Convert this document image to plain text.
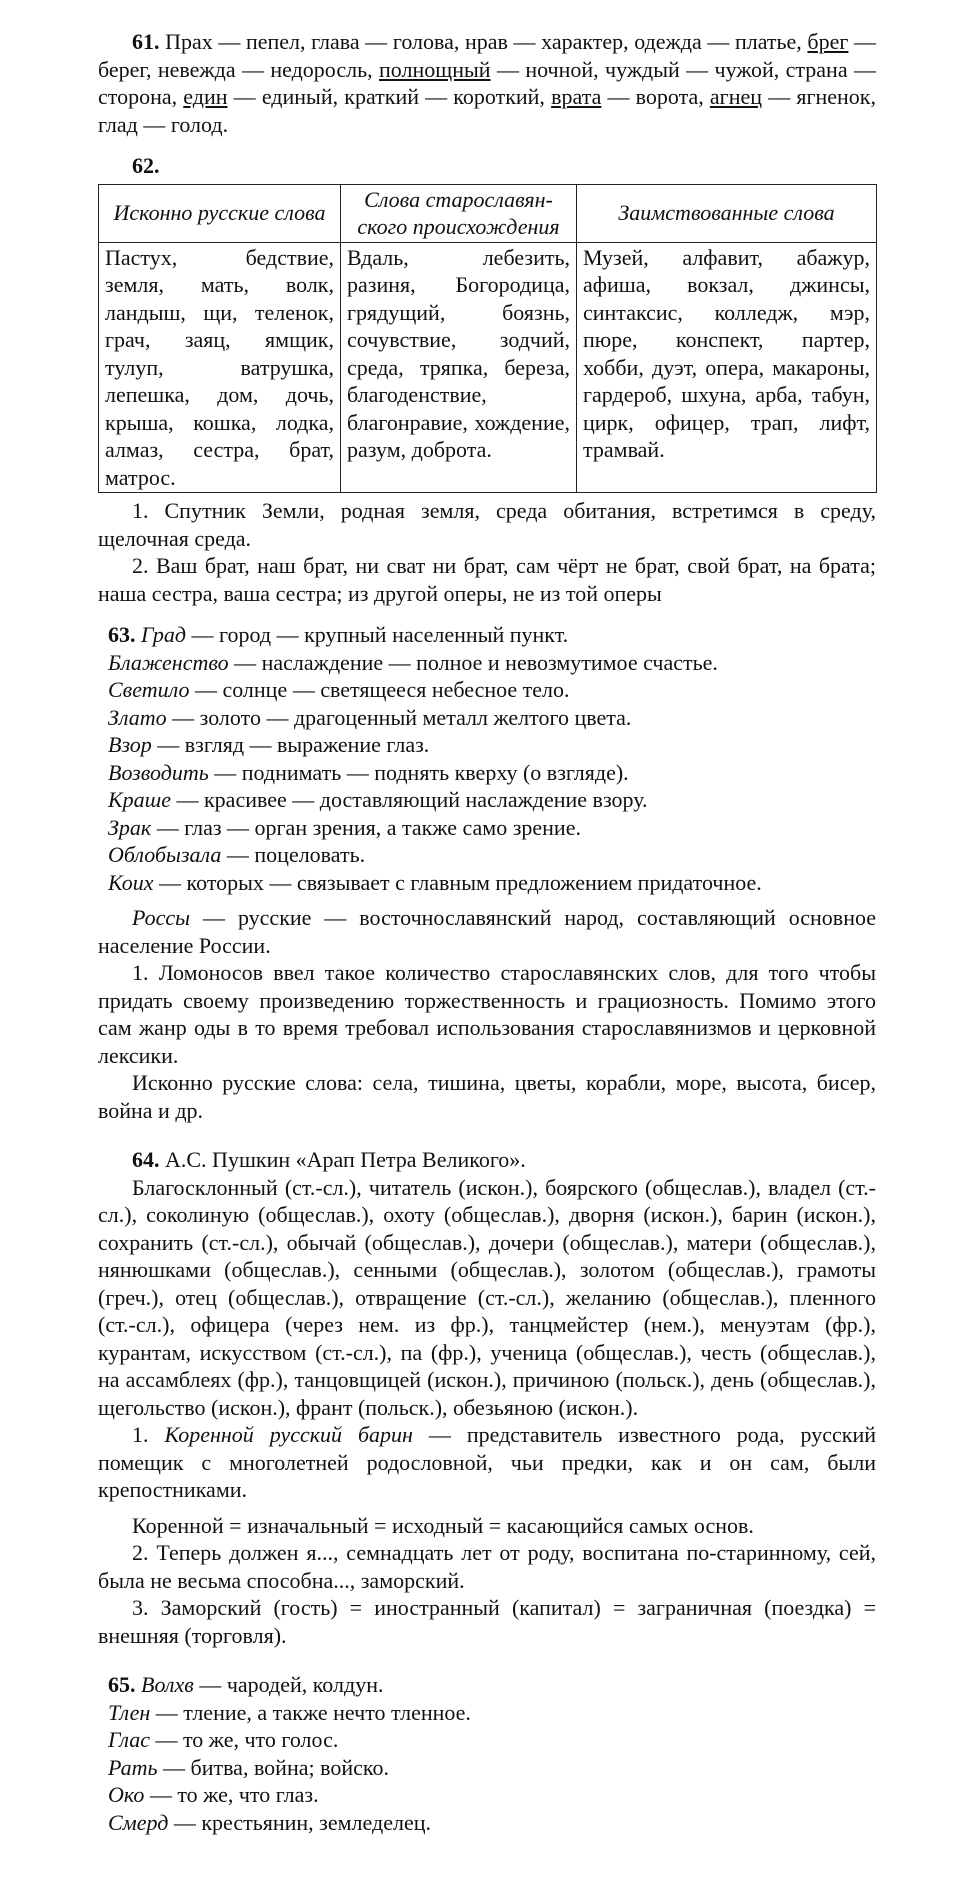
61. Прах — пепел, глава — голова, нрав — характер, одежда — платье, брег — берег, невежда — недоросль, полнощный — ночной, чуждый — чужой, страна — сторона, един — единый, краткий — короткий, врата — ворота, агнец — ягненок, глад — голод.

62.

Исконно русские слова	Слова старославян-ского происхождения	Заимствованные слова
Пастух, бедствие, земля, мать, волк, ландыш, щи, теленок, грач, заяц, ямщик, тулуп, ватрушка, лепешка, дом, дочь, крыша, кошка, лодка, алмаз, сестра, брат, матрос.	Вдаль, лебезить, разиня, Богородица, грядущий, боязнь, сочувствие, зодчий, среда, тряпка, береза, благоденствие, благонравие, хождение, разум, доброта.	Музей, алфавит, абажур, афиша, вокзал, джинсы, синтаксис, колледж, мэр, пюре, конспект, партер, хобби, дуэт, опера, макароны, гардероб, шхуна, арба, табун, цирк, офицер, трап, лифт, трамвай.

1. Спутник Земли, родная земля, среда обитания, встретимся в среду, щелочная среда.

2. Ваш брат, наш брат, ни сват ни брат, сам чёрт не брат, свой брат, на брата; наша сестра, ваша сестра; из другой оперы, не из той оперы

63. Град — город — крупный населенный пункт.

Блаженство — наслаждение — полное и невозмутимое счастье.

Светило — солнце — светящееся небесное тело.

Злато — золото — драгоценный металл желтого цвета.

Взор — взгляд — выражение глаз.

Возводить — поднимать — поднять кверху (о взгляде).

Краше — красивее — доставляющий наслаждение взору.

Зрак — глаз — орган зрения, а также само зрение.

Облобызала — поцеловать.

Коих — которых — связывает с главным предложением придаточное.

Россы — русские — восточнославянский народ, составляющий основное население России.

1. Ломоносов ввел такое количество старославянских слов, для того чтобы придать своему произведению торжественность и грациозность. Помимо этого сам жанр оды в то время требовал использования старославянизмов и церковной лексики.

Исконно русские слова: села, тишина, цветы, корабли, море, высота, бисер, война и др.

64. А.С. Пушкин «Арап Петра Великого».

Благосклонный (ст.-сл.), читатель (искон.), боярского (общеслав.), владел (ст.-сл.), соколиную (общеслав.), охоту (общеслав.), дворня (искон.), барин (искон.), сохранить (ст.-сл.), обычай (общеслав.), дочери (общеслав.), матери (общеслав.), нянюшками (общеслав.), сенными (общеслав.), золотом (общеслав.), грамоты (греч.), отец (общеслав.), отвращение (ст.-сл.), желанию (общеслав.), пленного (ст.-сл.), офицера (через нем. из фр.), танцмейстер (нем.), менуэтам (фр.), курантам, искусством (ст.-сл.), па (фр.), ученица (общеслав.), честь (общеслав.), на ассамблеях (фр.), танцовщицей (искон.), причиною (польск.), день (общеслав.), щегольство (искон.), франт (польск.), обезьяною (искон.).

1. Коренной русский барин — представитель известного рода, русский помещик с многолетней родословной, чьи предки, как и он сам, были крепостниками.

Коренной = изначальный = исходный = касающийся самых основ.

2. Теперь должен я..., семнадцать лет от роду, воспитана по-старинному, сей, была не весьма способна..., заморский.

3. Заморский (гость) = иностранный (капитал) = заграничная (поездка) = внешняя (торговля).

65. Волхв — чародей, колдун.

Тлен — тление, а также нечто тленное.

Глас — то же, что голос.

Рать — битва, война; войско.

Око — то же, что глаз.

Смерд — крестьянин, земледелец.
